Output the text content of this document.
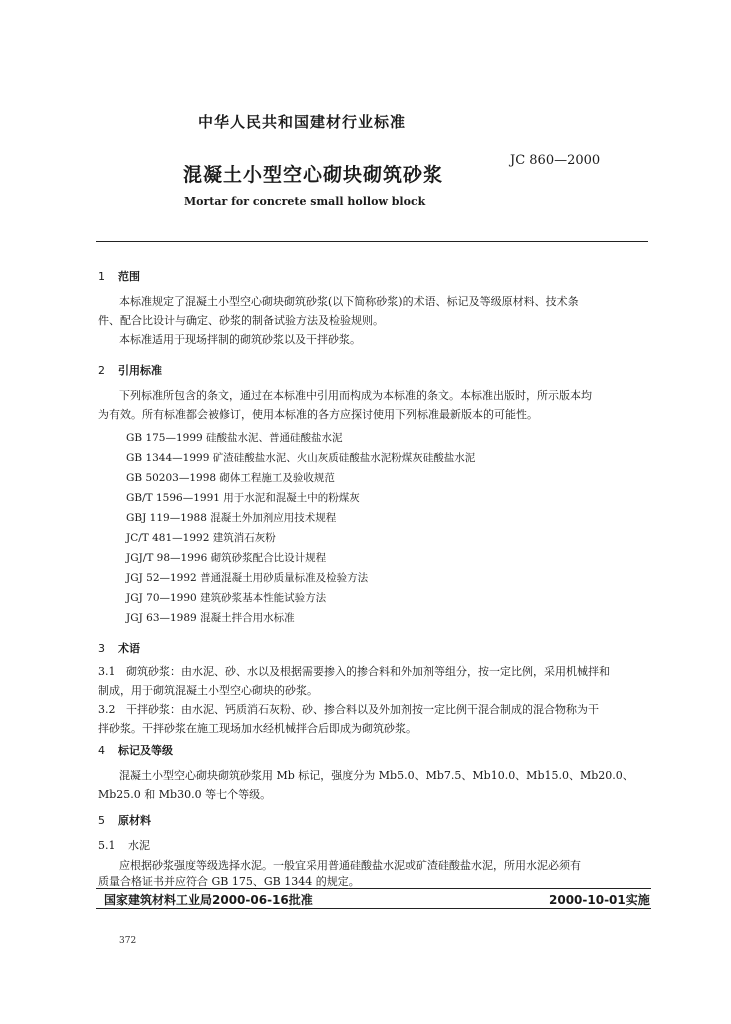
中华人民共和国建材行业标准
混凝土小型空心砌块砌筑砂浆
JC 860—2000
Mortar for concrete small hollow block
1 范围
本标准规定了混凝土小型空心砌块砌筑砂浆(以下简称砂浆)的术语、标记及等级原材料、技术条
件、配合比设计与确定、砂浆的制备试验方法及检验规则。
本标准适用于现场拌制的砌筑砂浆以及干拌砂浆。
2 引用标准
下列标准所包含的条文，通过在本标准中引用而构成为本标准的条文。本标准出版时，所示版本均
为有效。所有标准都会被修订，使用本标准的各方应探讨使用下列标准最新版本的可能性。
GB 175—1999 硅酸盐水泥、普通硅酸盐水泥
GB 1344—1999 矿渣硅酸盐水泥、火山灰质硅酸盐水泥粉煤灰硅酸盐水泥
GB 50203—1998 砌体工程施工及验收规范
GB/T 1596—1991 用于水泥和混凝土中的粉煤灰
GBJ 119—1988 混凝土外加剂应用技术规程
JC/T 481—1992 建筑消石灰粉
JGJ/T 98—1996 砌筑砂浆配合比设计规程
JGJ 52—1992 普通混凝土用砂质量标准及检验方法
JGJ 70—1990 建筑砂浆基本性能试验方法
JGJ 63—1989 混凝土拌合用水标准
3 术语
3.1 砌筑砂浆：由水泥、砂、水以及根据需要掺入的掺合料和外加剂等组分，按一定比例，采用机械拌和
制成，用于砌筑混凝土小型空心砌块的砂浆。
3.2 干拌砂浆：由水泥、钙质消石灰粉、砂、掺合料以及外加剂按一定比例干混合制成的混合物称为干
拌砂浆。干拌砂浆在施工现场加水经机械拌合后即成为砌筑砂浆。
4 标记及等级
混凝土小型空心砌块砌筑砂浆用 Mb 标记，强度分为 Mb5.0、Mb7.5、Mb10.0、Mb15.0、Mb20.0、
Mb25.0 和 Mb30.0 等七个等级。
5 原材料
5.1 水泥
应根据砂浆强度等级选择水泥。一般宜采用普通硅酸盐水泥或矿渣硅酸盐水泥，所用水泥必须有
质量合格证书并应符合 GB 175、GB 1344 的规定。
国家建筑材料工业局2000-06-16批准	2000-10-01实施
372
